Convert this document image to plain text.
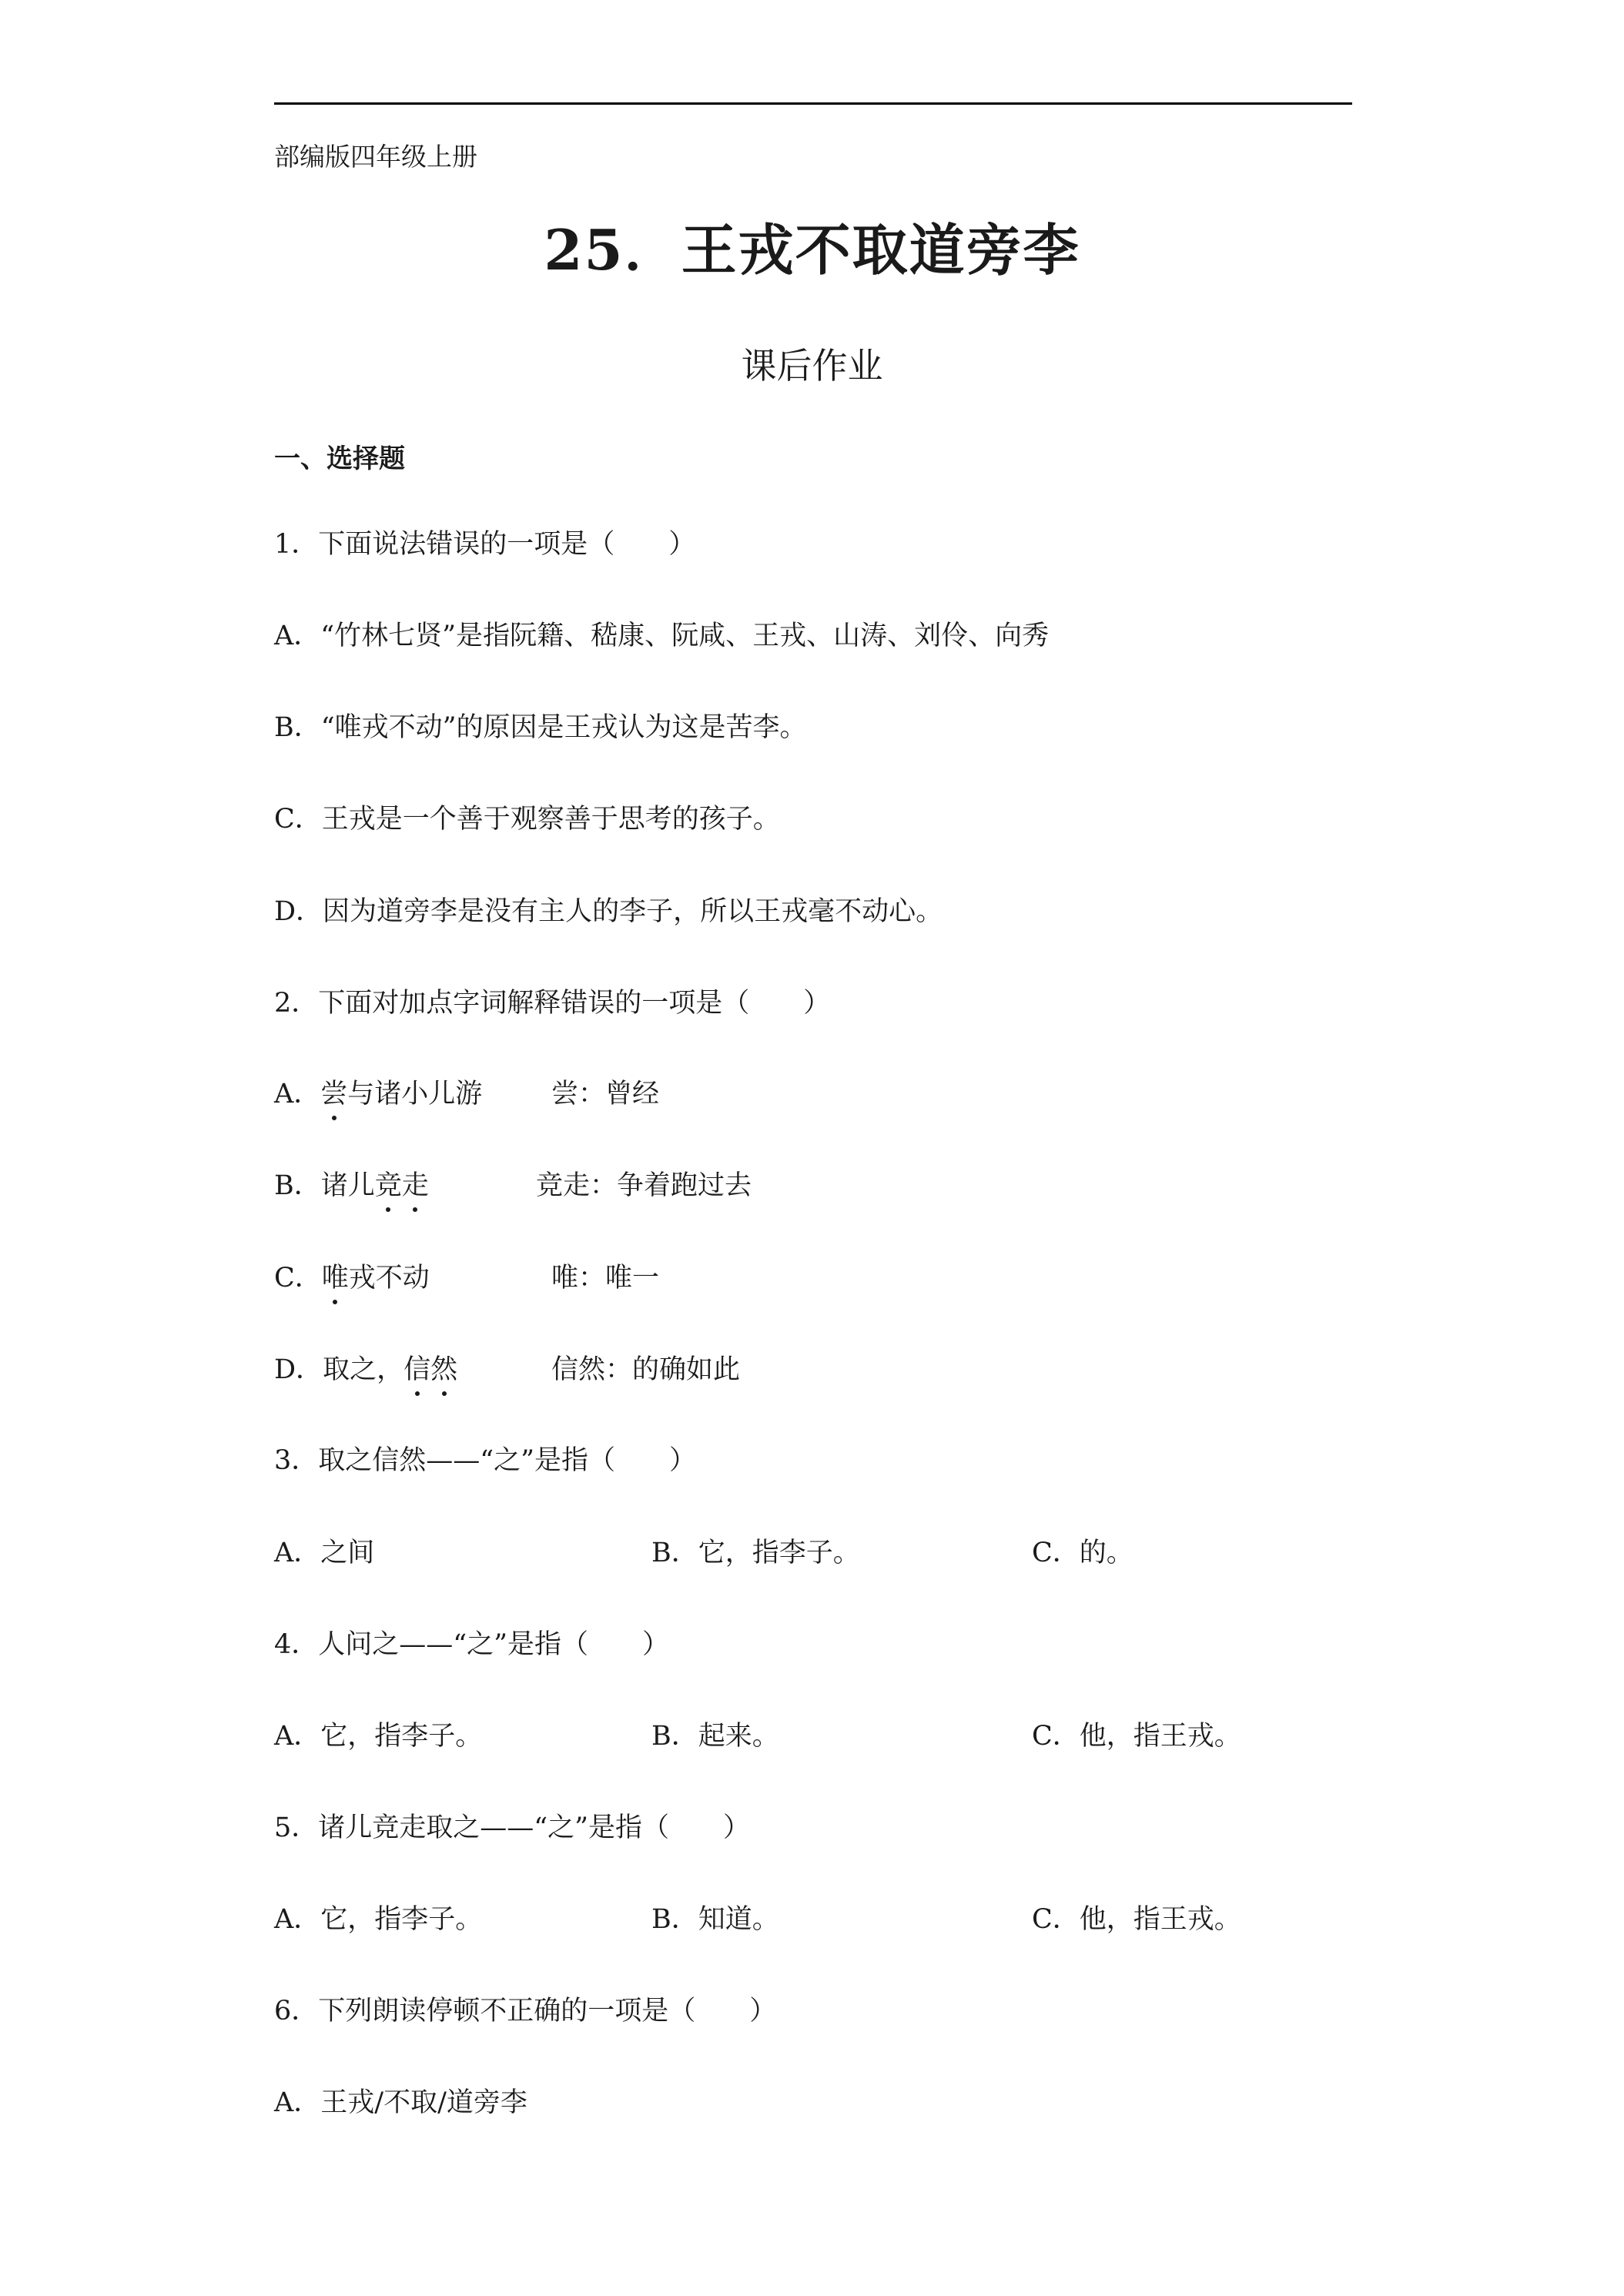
部编版四年级上册
25．王戎不取道旁李
课后作业
一、选择题
1．下面说法错误的一项是（　　）
A．“竹林七贤”是指阮籍、嵇康、阮咸、王戎、山涛、刘伶、向秀
B．“唯戎不动”的原因是王戎认为这是苦李。
C．王戎是一个善于观察善于思考的孩子。
D．因为道旁李是没有主人的李子，所以王戎毫不动心。
2．下面对加点字词解释错误的一项是（　　）
A．尝与诸小儿游	尝：曾经
B．诸儿竞走	竞走：争着跑过去
C．唯戎不动	唯：唯一
D．取之，信然	信然：的确如此
3．取之信然——“之”是指（　　）
A．之间	B．它，指李子。	C．的。
4．人问之——“之”是指（　　）
A．它，指李子。	B．起来。	C．他，指王戎。
5．诸儿竞走取之——“之”是指（　　）
A．它，指李子。	B．知道。	C．他，指王戎。
6．下列朗读停顿不正确的一项是（　　）
A．王戎/不取/道旁李
